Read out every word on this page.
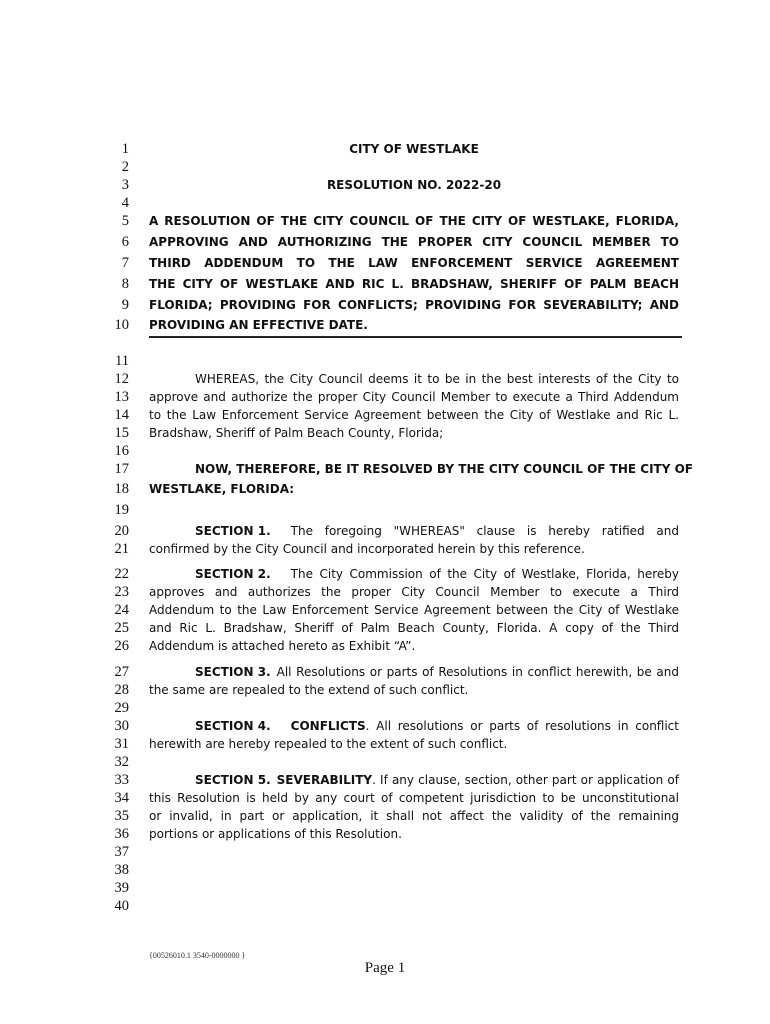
1
2
3
4
5
6
7
8
9
10
11
12
13
14
15
16
17
18
19
20
21
22
23
24
25
26
27
28
29
30
31
32
33
34
35
36
37
38
39
40
CITY OF WESTLAKE
RESOLUTION NO. 2022-20
A RESOLUTION OF THE CITY COUNCIL OF THE CITY OF WESTLAKE, FLORIDA,
APPROVING AND AUTHORIZING THE PROPER CITY COUNCIL MEMBER TO
THIRD ADDENDUM TO THE LAW ENFORCEMENT SERVICE AGREEMENT
THE CITY OF WESTLAKE AND RIC L. BRADSHAW, SHERIFF OF PALM BEACH
FLORIDA; PROVIDING FOR CONFLICTS; PROVIDING FOR SEVERABILITY; AND
PROVIDING AN EFFECTIVE DATE.
WHEREAS, the City Council deems it to be in the best interests of the City to
approve and authorize the proper City Council Member to execute a Third Addendum
to the Law Enforcement Service Agreement between the City of Westlake and Ric L.
Bradshaw, Sheriff of Palm Beach County, Florida;
NOW, THEREFORE, BE IT RESOLVED BY THE CITY COUNCIL OF THE CITY OF
WESTLAKE, FLORIDA:
SECTION 1. The foregoing "WHEREAS" clause is hereby ratified and
confirmed by the City Council and incorporated herein by this reference.
SECTION 2. The City Commission of the City of Westlake, Florida, hereby
approves and authorizes the proper City Council Member to execute a Third
Addendum to the Law Enforcement Service Agreement between the City of Westlake
and Ric L. Bradshaw, Sheriff of Palm Beach County, Florida. A copy of the Third
Addendum is attached hereto as Exhibit “A”.
SECTION 3. All Resolutions or parts of Resolutions in conflict herewith, be and
the same are repealed to the extend of such conflict.
SECTION 4. CONFLICTS . All resolutions or parts of resolutions in conflict
herewith are hereby repealed to the extent of such conflict.
SECTION 5. SEVERABILITY . If any clause, section, other part or application of
this Resolution is held by any court of competent jurisdiction to be unconstitutional
or invalid, in part or application, it shall not affect the validity of the remaining
portions or applications of this Resolution.
{00526010.1 3540-0000000 }
Page 1
